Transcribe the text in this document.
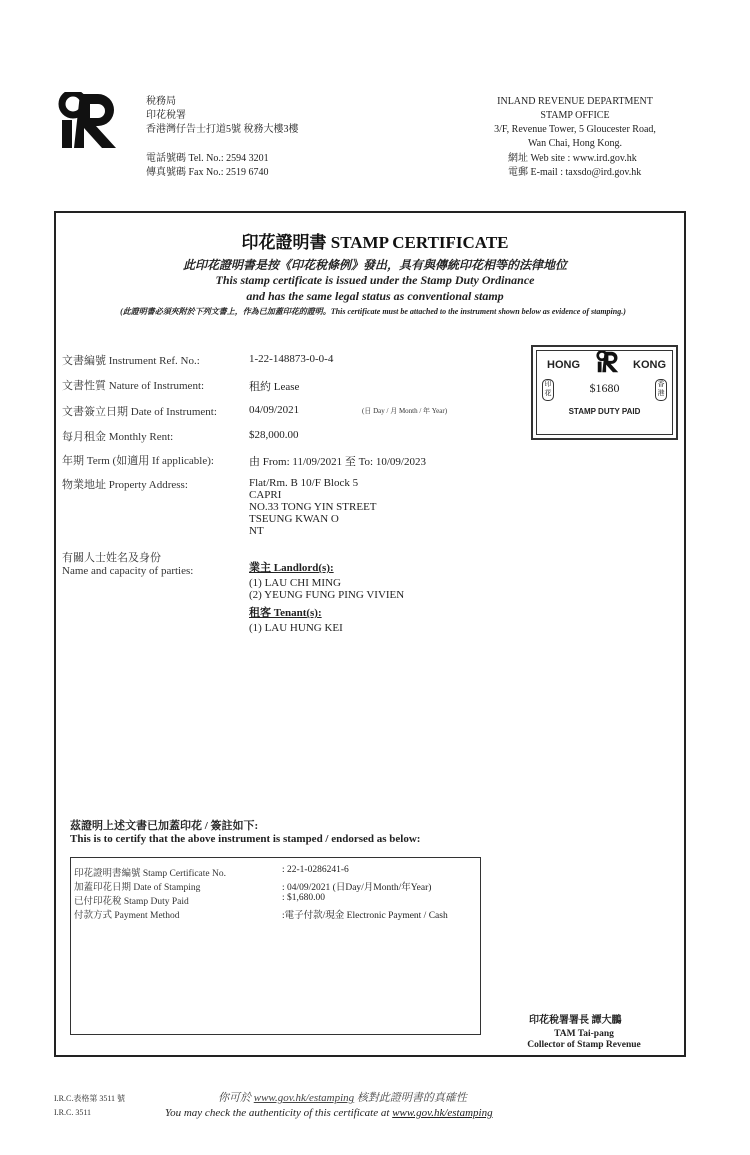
稅務局
印花稅署
香港灣仔告士打道5號 稅務大樓3樓
電話號碼 Tel. No.: 2594 3201
傳真號碼 Fax No.: 2519 6740
INLAND REVENUE DEPARTMENT
STAMP OFFICE
3/F, Revenue Tower, 5 Gloucester Road,
Wan Chai, Hong Kong.
網址 Web site : www.ird.gov.hk
電郵 E-mail : taxsdo@ird.gov.hk
印花證明書 STAMP CERTIFICATE
此印花證明書是按《印花稅條例》發出，具有與傳統印花相等的法律地位
This stamp certificate is issued under the Stamp Duty Ordinance
and has the same legal status as conventional stamp
(此證明書必須夾附於下列文書上，作為已加蓋印花的證明。This certificate must be attached to the instrument shown below as evidence of stamping.)
文書編號 Instrument Ref. No.:	1-22-148873-0-0-4
文書性質 Nature of Instrument:	租約 Lease
文書簽立日期 Date of Instrument:	04/09/2021	(日 Day / 月 Month / 年 Year)
每月租金 Monthly Rent:	$28,000.00
年期 Term (如適用 If applicable):	由 From: 11/09/2021 至 To: 10/09/2023
物業地址 Property Address:	Flat/Rm. B 10/F Block 5
CAPRI
NO.33 TONG YIN STREET
TSEUNG KWAN O
NT
HONG	KONG
$1680
STAMP DUTY PAID
印花
香港
有關人士姓名及身份
Name and capacity of parties:	業主 Landlord(s):
(1) LAU CHI MING
(2) YEUNG FUNG PING VIVIEN
租客 Tenant(s):
(1) LAU HUNG KEI
茲證明上述文書已加蓋印花 / 簽註如下:
This is to certify that the above instrument is stamped / endorsed as below:
印花證明書編號 Stamp Certificate No.	: 22-1-0286241-6
加蓋印花日期 Date of Stamping	: 04/09/2021 (日Day/月Month/年Year)
已付印花稅 Stamp Duty Paid	: $1,680.00
付款方式 Payment Method	:電子付款/現金 Electronic Payment / Cash
印花稅署署長 譚大鵬
TAM Tai-pang
Collector of Stamp Revenue
I.R.C.表格第 3511 號
I.R.C. 3511
你可於 www.gov.hk/estamping 核對此證明書的真確性
You may check the authenticity of this certificate at www.gov.hk/estamping
